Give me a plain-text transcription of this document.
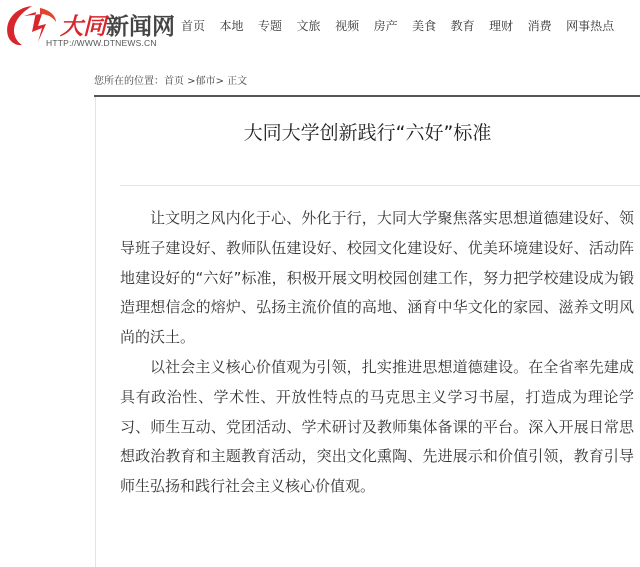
大同新闻网
HTTP://WWW.DTNEWS.CN
首页 本地 专题 文旅 视频 房产 美食 教育 理财 消费 网事热点
您所在的位置：首页 >郁市> 正文
大同大学创新践行“六好”标准

让文明之风内化于心、外化于行，大同大学聚焦落实思想道德建设好、领导班子建设好、教师队伍建设好、校园文化建设好、优美环境建设好、活动阵地建设好的“六好”标准，积极开展文明校园创建工作，努力把学校建设成为锻造理想信念的熔炉、弘扬主流价值的高地、涵育中华文化的家园、滋养文明风尚的沃土。

以社会主义核心价值观为引领，扎实推进思想道德建设。在全省率先建成具有政治性、学术性、开放性特点的马克思主义学习书屋，打造成为理论学习、师生互动、党团活动、学术研讨及教师集体备课的平台。深入开展日常思想政治教育和主题教育活动，突出文化熏陶、先进展示和价值引领，教育引导师生弘扬和践行社会主义核心价值观。
